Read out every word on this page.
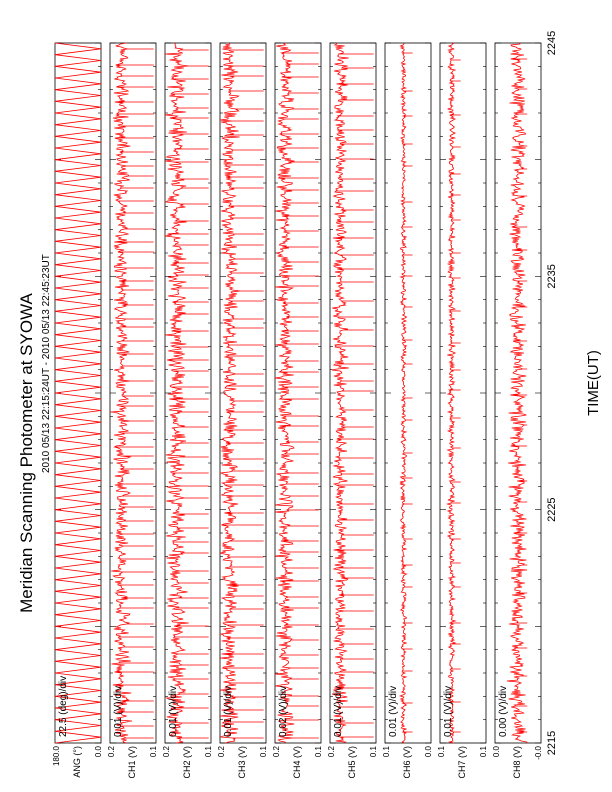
Meridian Scanning Photometer at SYOWA 2010 05/13 22:15:24UT - 2010 05/13 22:45:23UT
180.0	0.0
ANG (°)
22.5 (deg)/div
0.2	0.1
CH1 (V)
0.01 (V)/div
0.2	0.1
CH2 (V)
0.01 (V)/div
0.2	0.1
CH3 (V)
0.01 (V)/div
0.2	0.1
CH4 (V)
0.02 (V)/div
0.2	0.1
CH5 (V)
0.01 (V)/div
0.1	0.0
CH6 (V)
0.01 (V)/div
0.1	0.1
CH7 (V)
0.01 (V)/div
0.0	-0.0
CH8 (V)
0.00 (V)/div
2215
2225
2235
2245
TIME(UT)
